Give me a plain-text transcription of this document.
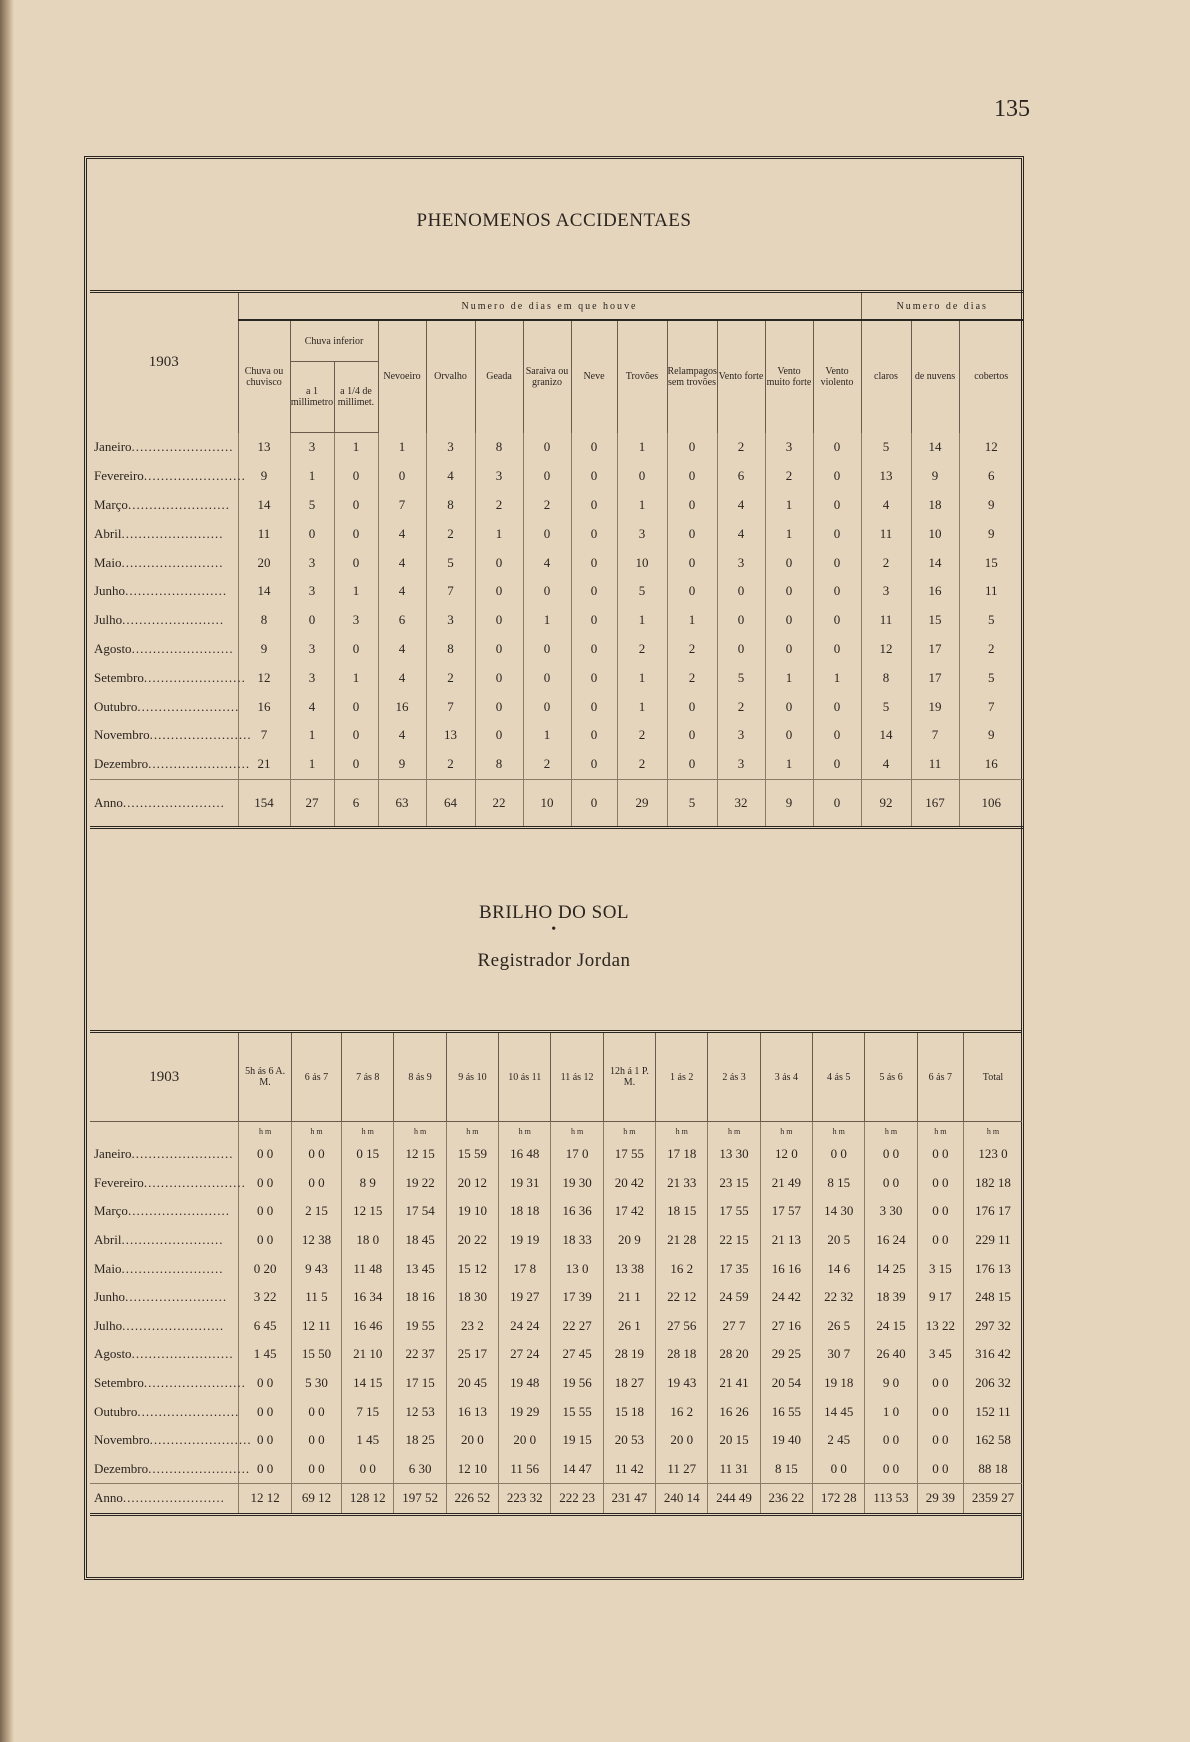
135
PHENOMENOS ACCIDENTAES
1903	Numero de dias em que houve													Numero de dias		
	Chuva ou chuvisco	Chuva inferior		Nevoeiro	Orvalho	Geada	Saraiva ou granizo	Neve	Trovões	Relampagos sem trovões	Vento forte	Vento muito forte	Vento violento	claros	de nuvens	cobertos
		a 1 millimetro	a 1/4 de millimet.													
Janeiro........................	13	3	1	1	3	8	0	0	1	0	2	3	0	5	14	12
Fevereiro........................	9	1	0	0	4	3	0	0	0	0	6	2	0	13	9	6
Março........................	14	5	0	7	8	2	2	0	1	0	4	1	0	4	18	9
Abril........................	11	0	0	4	2	1	0	0	3	0	4	1	0	11	10	9
Maio........................	20	3	0	4	5	0	4	0	10	0	3	0	0	2	14	15
Junho........................	14	3	1	4	7	0	0	0	5	0	0	0	0	3	16	11
Julho........................	8	0	3	6	3	0	1	0	1	1	0	0	0	11	15	5
Agosto........................	9	3	0	4	8	0	0	0	2	2	0	0	0	12	17	2
Setembro........................	12	3	1	4	2	0	0	0	1	2	5	1	1	8	17	5
Outubro........................	16	4	0	16	7	0	0	0	1	0	2	0	0	5	19	7
Novembro........................	7	1	0	4	13	0	1	0	2	0	3	0	0	14	7	9
Dezembro........................	21	1	0	9	2	8	2	0	2	0	3	1	0	4	11	16
Anno........................	154	27	6	63	64	22	10	0	29	5	32	9	0	92	167	106
BRILHO DO SOL
•
Registrador Jordan
1903	5h ás 6 A. M.	6 ás 7	7 ás 8	8 ás 9	9 ás 10	10 ás 11	11 ás 12	12h á 1 P. M.	1 ás 2	2 ás 3	3 ás 4	4 ás 5	5 ás 6	6 ás 7	Total
	h m	h m	h m	h m	h m	h m	h m	h m	h m	h m	h m	h m	h m	h m	h m
Janeiro........................	0 0	0 0	0 15	12 15	15 59	16 48	17 0	17 55	17 18	13 30	12 0	0 0	0 0	0 0	123 0
Fevereiro........................	0 0	0 0	8 9	19 22	20 12	19 31	19 30	20 42	21 33	23 15	21 49	8 15	0 0	0 0	182 18
Março........................	0 0	2 15	12 15	17 54	19 10	18 18	16 36	17 42	18 15	17 55	17 57	14 30	3 30	0 0	176 17
Abril........................	0 0	12 38	18 0	18 45	20 22	19 19	18 33	20 9	21 28	22 15	21 13	20 5	16 24	0 0	229 11
Maio........................	0 20	9 43	11 48	13 45	15 12	17 8	13 0	13 38	16 2	17 35	16 16	14 6	14 25	3 15	176 13
Junho........................	3 22	11 5	16 34	18 16	18 30	19 27	17 39	21 1	22 12	24 59	24 42	22 32	18 39	9 17	248 15
Julho........................	6 45	12 11	16 46	19 55	23 2	24 24	22 27	26 1	27 56	27 7	27 16	26 5	24 15	13 22	297 32
Agosto........................	1 45	15 50	21 10	22 37	25 17	27 24	27 45	28 19	28 18	28 20	29 25	30 7	26 40	3 45	316 42
Setembro........................	0 0	5 30	14 15	17 15	20 45	19 48	19 56	18 27	19 43	21 41	20 54	19 18	9 0	0 0	206 32
Outubro........................	0 0	0 0	7 15	12 53	16 13	19 29	15 55	15 18	16 2	16 26	16 55	14 45	1 0	0 0	152 11
Novembro........................	0 0	0 0	1 45	18 25	20 0	20 0	19 15	20 53	20 0	20 15	19 40	2 45	0 0	0 0	162 58
Dezembro........................	0 0	0 0	0 0	6 30	12 10	11 56	14 47	11 42	11 27	11 31	8 15	0 0	0 0	0 0	88 18
Anno........................	12 12	69 12	128 12	197 52	226 52	223 32	222 23	231 47	240 14	244 49	236 22	172 28	113 53	29 39	2359 27
